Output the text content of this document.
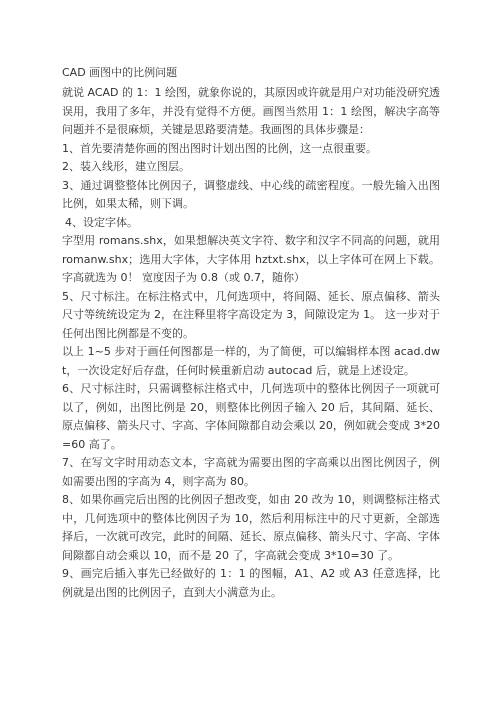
CAD 画图中的比例问题

就说 ACAD 的 1：1 绘图，就象你说的，其原因或许就是用户对功能没研究透误用，我用了多年，并没有觉得不方便。画图当然用 1：1 绘图，解决字高等问题并不是很麻烦，关键是思路要清楚。我画图的具体步骤是：

1、首先要清楚你画的图出图时计划出图的比例，这一点很重要。

2、装入线形，建立图层。

3、通过调整整体比例因子，调整虚线、中心线的疏密程度。一般先输入出图比例，如果太稀，则下调。

4、设定字体。

字型用 romans.shx，如果想解决英文字符、数字和汉字不同高的问题，就用 romanw.shx；选用大字体，大字体用 hztxt.shx，以上字体可在网上下载。字高就选为 0！ 宽度因子为 0.8（或 0.7，随你）

5、尺寸标注。在标注格式中，几何选项中，将间隔、延长、原点偏移、箭头尺寸等统统设定为 2，在注释里将字高设定为 3，间隙设定为 1。 这一步对于任何出图比例都是不变的。

以上 1~5 步对于画任何图都是一样的，为了简便，可以编辑样本图 acad.dwt，一次设定好后存盘，任何时候重新启动 autocad 后，就是上述设定。

6、尺寸标注时，只需调整标注格式中，几何选项中的整体比例因子一项就可以了，例如，出图比例是 20，则整体比例因子输入 20 后，其间隔、延长、原点偏移、箭头尺寸、字高、字体间隙都自动会乘以 20，例如就会变成 3*20=60 高了。

7、在写文字时用动态文本，字高就为需要出图的字高乘以出图比例因子，例如需要出图的字高为 4，则字高为 80。

8、如果你画完后出图的比例因子想改变，如由 20 改为 10，则调整标注格式中，几何选项中的整体比例因子为 10，然后利用标注中的尺寸更新，全部选择后，一次就可改完，此时的间隔、延长、原点偏移、箭头尺寸、字高、字体间隙都自动会乘以 10，而不是 20 了，字高就会变成 3*10=30 了。

9、画完后插入事先已经做好的 1：1 的图幅，A1、A2 或 A3 任意选择，比例就是出图的比例因子，直到大小满意为止。
